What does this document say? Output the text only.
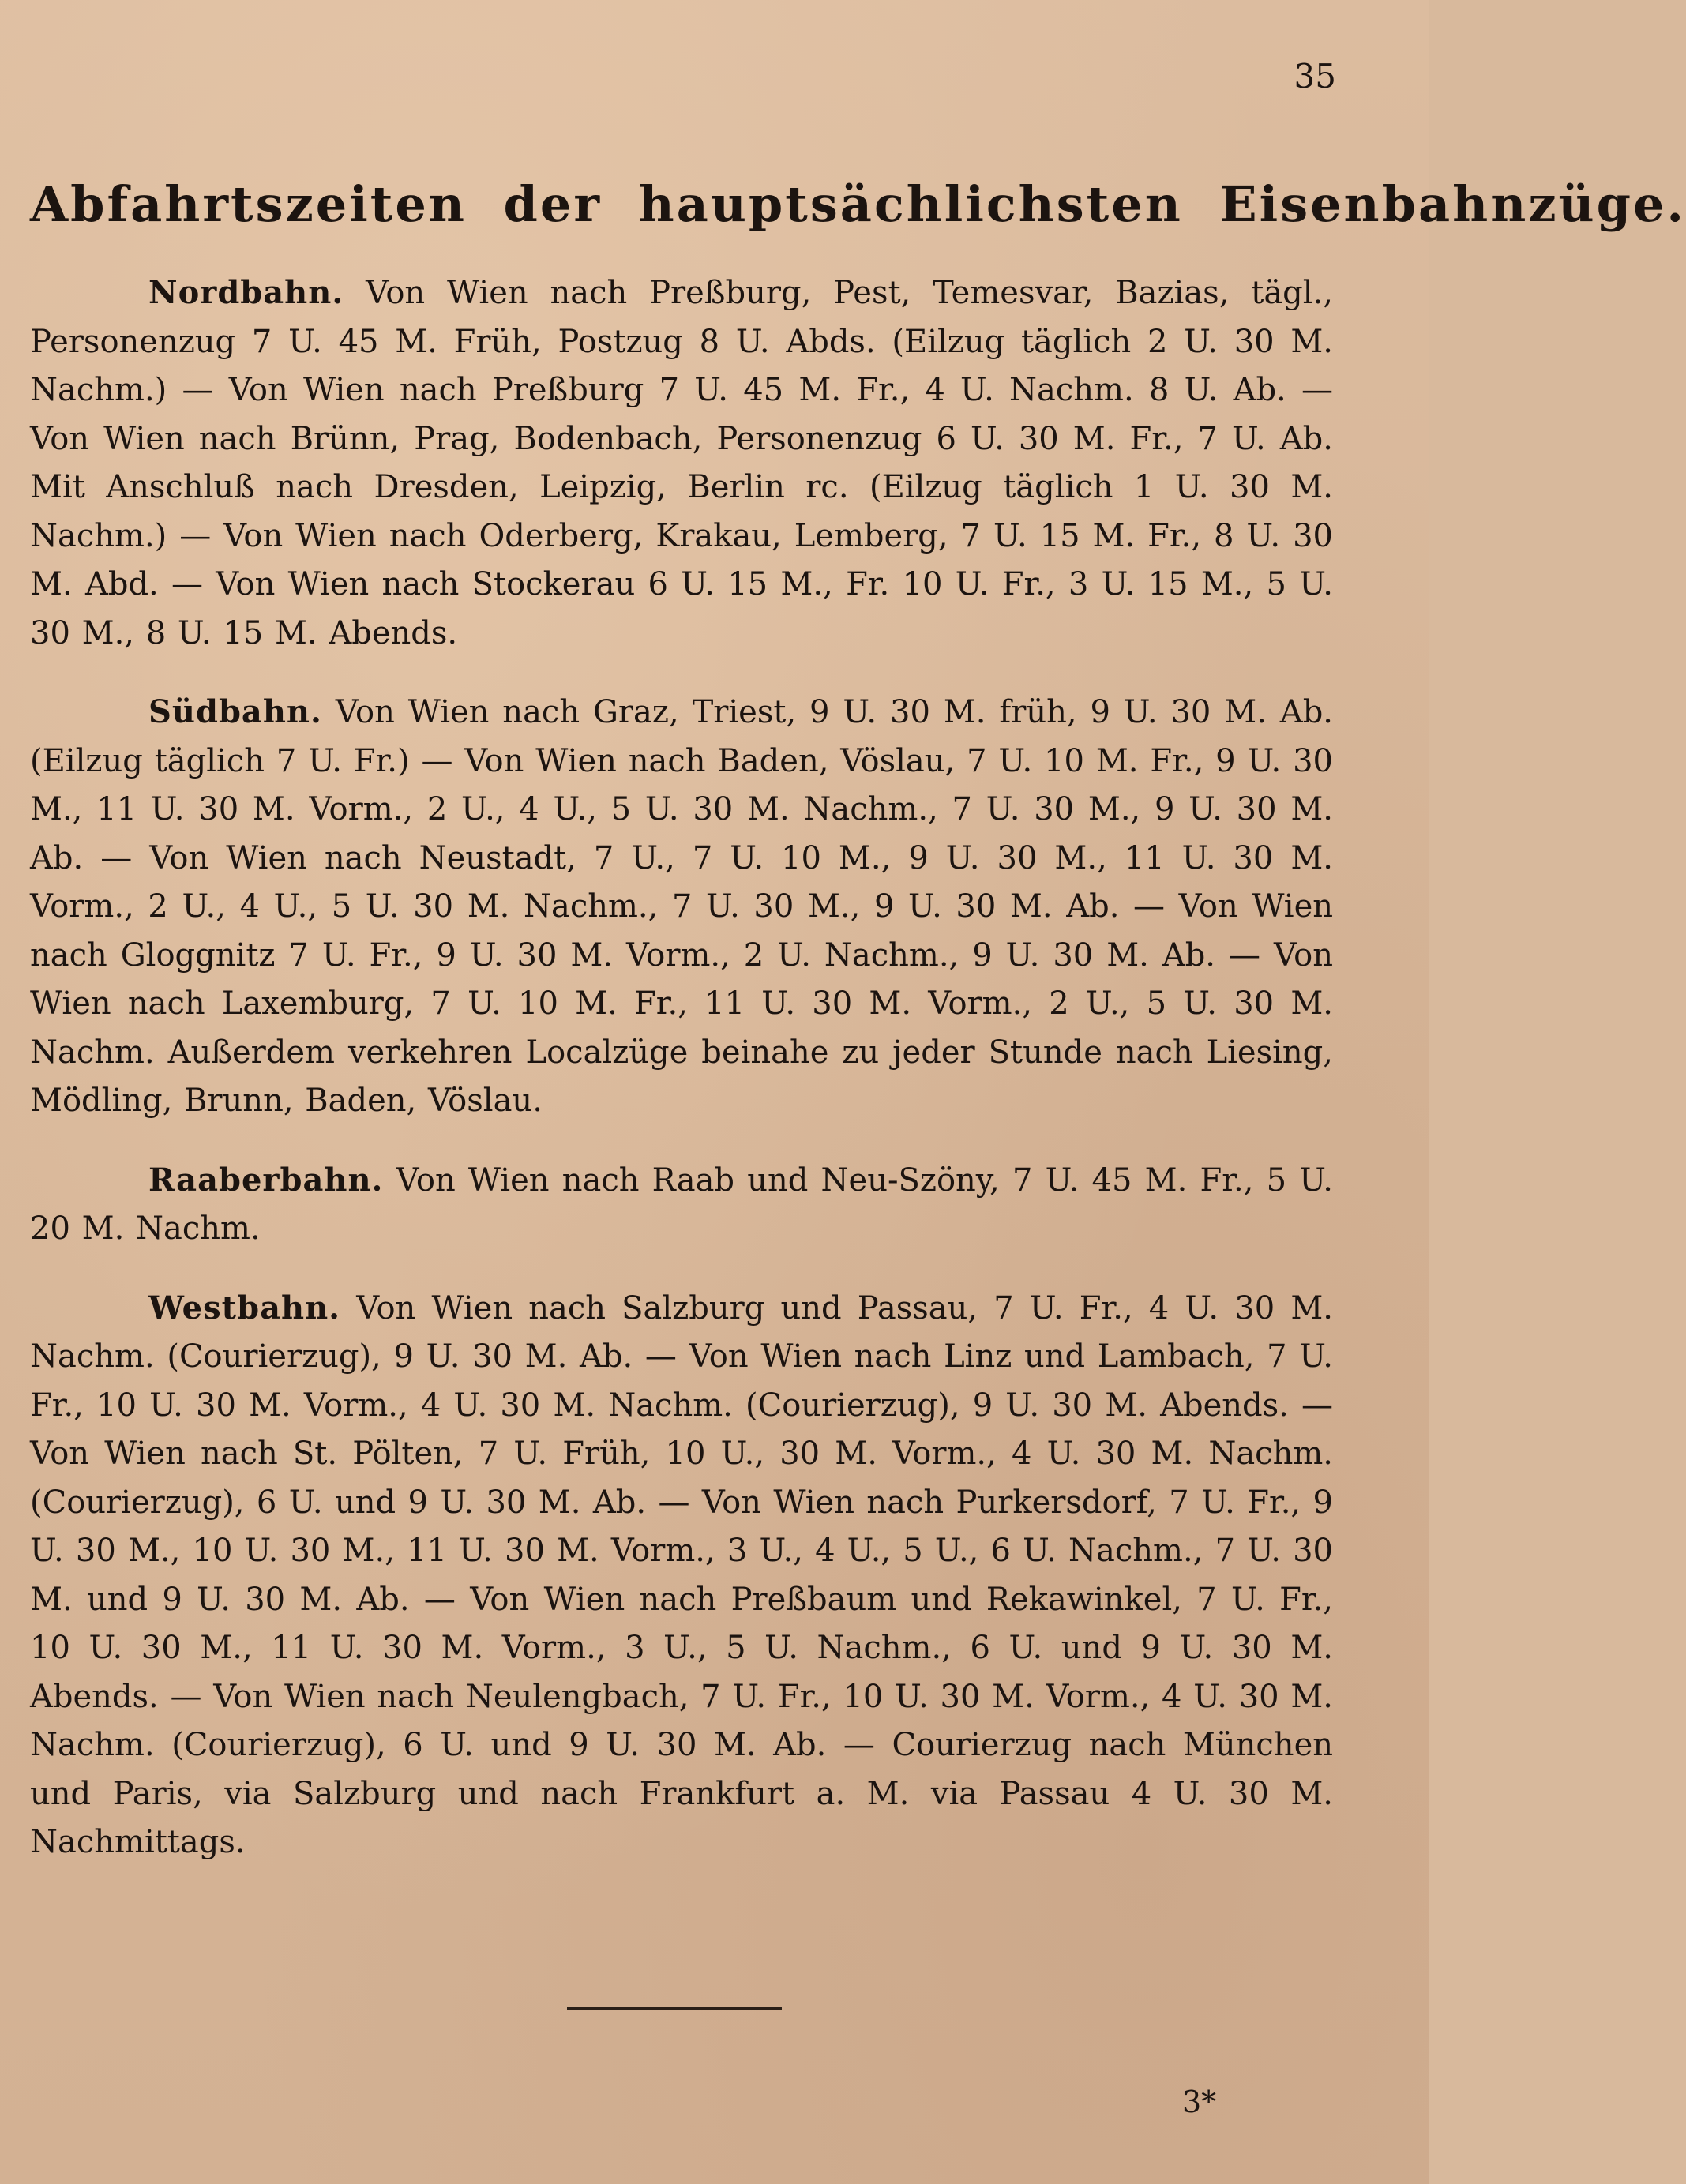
35
Abfahrtszeiten der hauptsächlichsten Eisenbahnzüge.

Nordbahn. Von Wien nach Preßburg, Pest, Temesvar, Bazias, tägl., Personenzug 7 U. 45 M. Früh, Postzug 8 U. Abds. (Eilzug täglich 2 U. 30 M. Nachm.) — Von Wien nach Preßburg 7 U. 45 M. Fr., 4 U. Nachm. 8 U. Ab. — Von Wien nach Brünn, Prag, Bodenbach, Personenzug 6 U. 30 M. Fr., 7 U. Ab. Mit Anschluß nach Dresden, Leipzig, Berlin rc. (Eilzug täglich 1 U. 30 M. Nachm.) — Von Wien nach Oderberg, Krakau, Lemberg, 7 U. 15 M. Fr., 8 U. 30 M. Abd. — Von Wien nach Stockerau 6 U. 15 M., Fr. 10 U. Fr., 3 U. 15 M., 5 U. 30 M., 8 U. 15 M. Abends.

Südbahn. Von Wien nach Graz, Triest, 9 U. 30 M. früh, 9 U. 30 M. Ab. (Eilzug täglich 7 U. Fr.) — Von Wien nach Baden, Vöslau, 7 U. 10 M. Fr., 9 U. 30 M., 11 U. 30 M. Vorm., 2 U., 4 U., 5 U. 30 M. Nachm., 7 U. 30 M., 9 U. 30 M. Ab. — Von Wien nach Neustadt, 7 U., 7 U. 10 M., 9 U. 30 M., 11 U. 30 M. Vorm., 2 U., 4 U., 5 U. 30 M. Nachm., 7 U. 30 M., 9 U. 30 M. Ab. — Von Wien nach Gloggnitz 7 U. Fr., 9 U. 30 M. Vorm., 2 U. Nachm., 9 U. 30 M. Ab. — Von Wien nach Laxemburg, 7 U. 10 M. Fr., 11 U. 30 M. Vorm., 2 U., 5 U. 30 M. Nachm. Außerdem verkehren Localzüge beinahe zu jeder Stunde nach Liesing, Mödling, Brunn, Baden, Vöslau.

Raaberbahn. Von Wien nach Raab und Neu-Szöny, 7 U. 45 M. Fr., 5 U. 20 M. Nachm.

Westbahn. Von Wien nach Salzburg und Passau, 7 U. Fr., 4 U. 30 M. Nachm. (Courierzug), 9 U. 30 M. Ab. — Von Wien nach Linz und Lambach, 7 U. Fr., 10 U. 30 M. Vorm., 4 U. 30 M. Nachm. (Courierzug), 9 U. 30 M. Abends. — Von Wien nach St. Pölten, 7 U. Früh, 10 U., 30 M. Vorm., 4 U. 30 M. Nachm. (Courierzug), 6 U. und 9 U. 30 M. Ab. — Von Wien nach Purkersdorf, 7 U. Fr., 9 U. 30 M., 10 U. 30 M., 11 U. 30 M. Vorm., 3 U., 4 U., 5 U., 6 U. Nachm., 7 U. 30 M. und 9 U. 30 M. Ab. — Von Wien nach Preßbaum und Rekawinkel, 7 U. Fr., 10 U. 30 M., 11 U. 30 M. Vorm., 3 U., 5 U. Nachm., 6 U. und 9 U. 30 M. Abends. — Von Wien nach Neulengbach, 7 U. Fr., 10 U. 30 M. Vorm., 4 U. 30 M. Nachm. (Courierzug), 6 U. und 9 U. 30 M. Ab. — Courierzug nach München und Paris, via Salzburg und nach Frankfurt a. M. via Passau 4 U. 30 M. Nachmittags.

3*
